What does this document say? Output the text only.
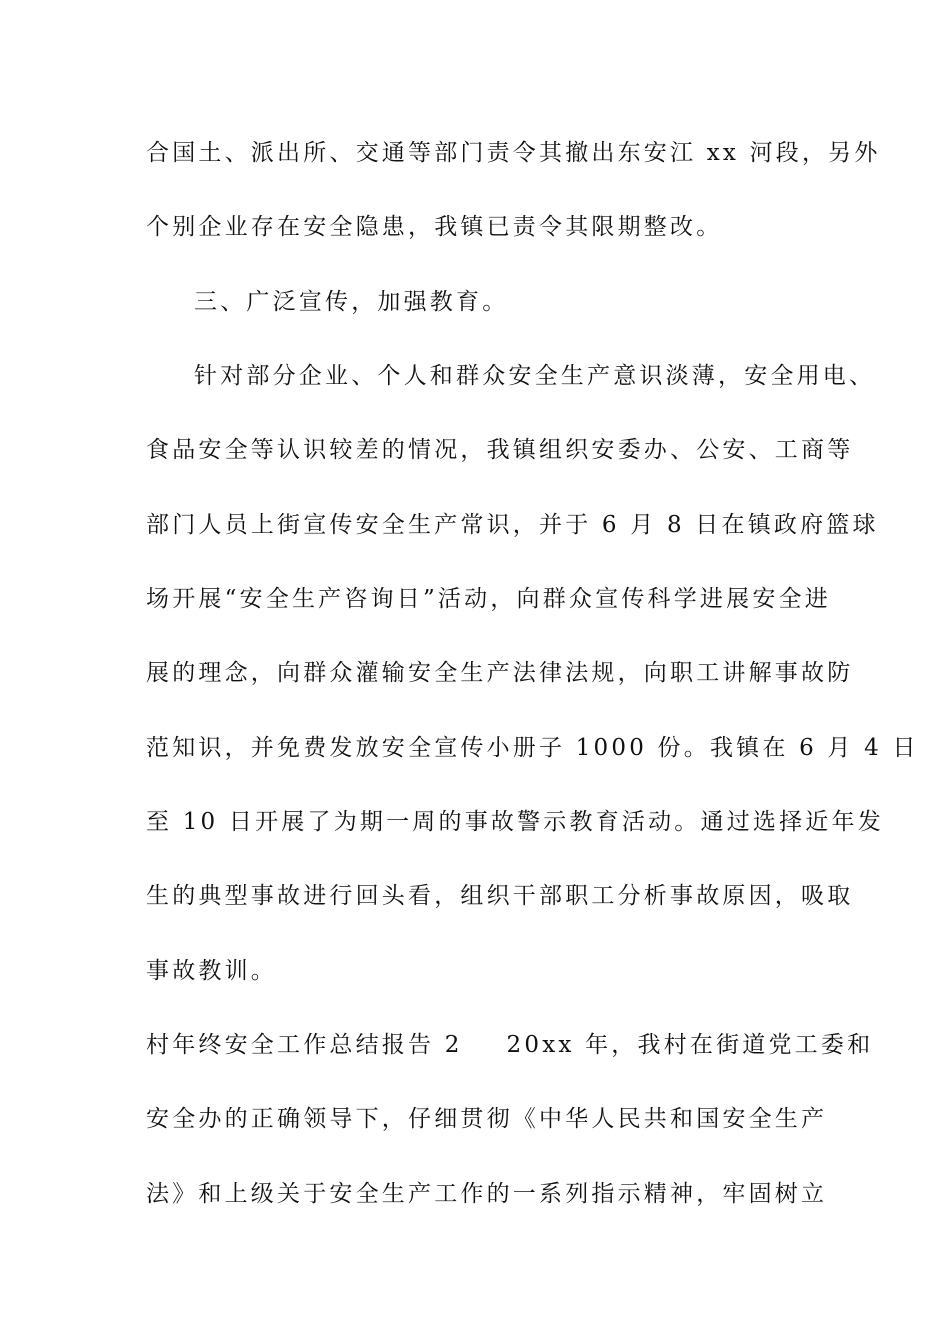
合国土、派出所、交通等部门责令其撤出东安江 xx 河段，另外
个别企业存在安全隐患，我镇已责令其限期整改。
三、广泛宣传，加强教育。
针对部分企业、个人和群众安全生产意识淡薄，安全用电、
食品安全等认识较差的情况，我镇组织安委办、公安、工商等
部门人员上街宣传安全生产常识，并于 6 月 8 日在镇政府篮球
场开展“安全生产咨询日”活动，向群众宣传科学进展安全进
展的理念，向群众灌输安全生产法律法规，向职工讲解事故防
范知识，并免费发放安全宣传小册子 1000 份。我镇在 6 月 4 日
至 10 日开展了为期一周的事故警示教育活动。通过选择近年发
生的典型事故进行回头看，组织干部职工分析事故原因，吸取
事故教训。
村年终安全工作总结报告 2 20xx 年，我村在街道党工委和
安全办的正确领导下，仔细贯彻《中华人民共和国安全生产
法》和上级关于安全生产工作的一系列指示精神，牢固树立
